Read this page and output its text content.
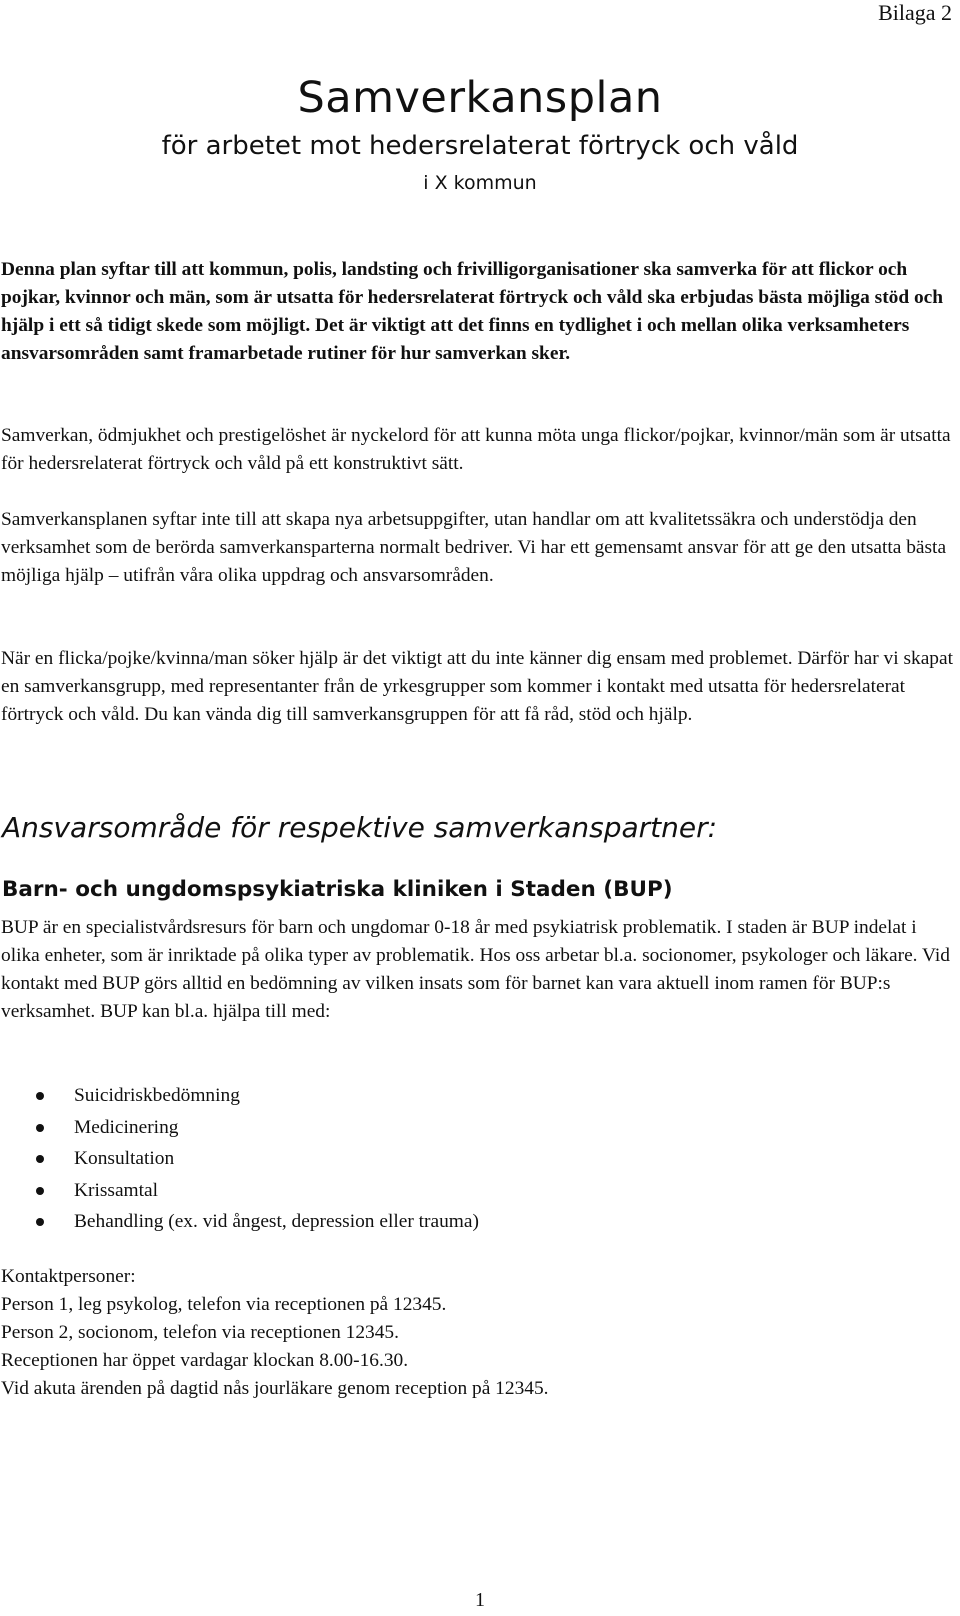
Bilaga 2
Samverkansplan
för arbetet mot hedersrelaterat förtryck och våld
i X kommun

Denna plan syftar till att kommun, polis, landsting och frivilligorganisationer ska samverka för att flickor och pojkar, kvinnor och män, som är utsatta för hedersrelaterat förtryck och våld ska erbjudas bästa möjliga stöd och hjälp i ett så tidigt skede som möjligt. Det är viktigt att det finns en tydlighet i och mellan olika verksamheters ansvarsområden samt framarbetade rutiner för hur samverkan sker.

Samverkan, ödmjukhet och prestigelöshet är nyckelord för att kunna möta unga flickor/pojkar, kvinnor/män som är utsatta för hedersrelaterat förtryck och våld på ett konstruktivt sätt.

Samverkansplanen syftar inte till att skapa nya arbetsuppgifter, utan handlar om att kvalitetssäkra och understödja den verksamhet som de berörda samverkansparterna normalt bedriver. Vi har ett gemensamt ansvar för att ge den utsatta bästa möjliga hjälp – utifrån våra olika uppdrag och ansvarsområden.

När en flicka/pojke/kvinna/man söker hjälp är det viktigt att du inte känner dig ensam med problemet. Därför har vi skapat en samverkansgrupp, med representanter från de yrkesgrupper som kommer i kontakt med utsatta för hedersrelaterat förtryck och våld. Du kan vända dig till samverkansgruppen för att få råd, stöd och hjälp.

Ansvarsområde för respektive samverkanspartner:
Barn- och ungdomspsykiatriska kliniken i Staden (BUP)

BUP är en specialistvårdsresurs för barn och ungdomar 0-18 år med psykiatrisk problematik. I staden är BUP indelat i olika enheter, som är inriktade på olika typer av problematik. Hos oss arbetar bl.a. socionomer, psykologer och läkare. Vid kontakt med BUP görs alltid en bedömning av vilken insats som för barnet kan vara aktuell inom ramen för BUP:s verksamhet. BUP kan bl.a. hjälpa till med:

Suicidriskbedömning
Medicinering
Konsultation
Krissamtal
Behandling (ex. vid ångest, depression eller trauma)
Kontaktpersoner:
Person 1, leg psykolog, telefon via receptionen på 12345.
Person 2, socionom, telefon via receptionen 12345.
Receptionen har öppet vardagar klockan 8.00-16.30.
Vid akuta ärenden på dagtid nås jourläkare genom reception på 12345.
1
